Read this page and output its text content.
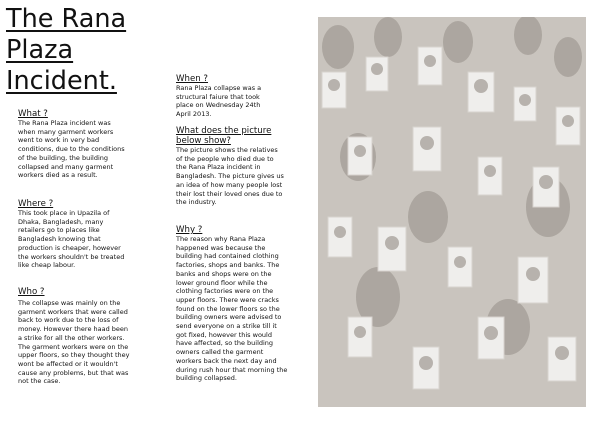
The Rana Plaza Incident.
What ?
The Rana Plaza incident was when many garment workers went to work in very bad conditions, due to the conditions of the building, the building collapsed and many garment workers died as a result.
Where ?
This took place in Upazila of Dhaka, Bangladesh, many retailers go to places like Bangladesh knowing that production is cheaper, however the workers shouldn't be treated like cheap labour.
Who ?
The collapse was mainly on the garment workers that were called back to work due to the loss of money. However there haad been a strike for all the other workers.
The garment workers were on the upper floors, so they thought they wont be affected or it wouldn't cause any problems, but that was not the case.
When ?
Rana Plaza collapse was a structural faiure that took place on Wednesday 24th April 2013.
What does the picture below show?
The picture shows the relatives of the people who died due to the Rana Plaza incident in Bangladesh. The picture gives us an idea of how many people lost their lost their loved ones due to the industry.
Why ?
The reason why Rana Plaza happened was because the building had contained clothing factories, shops and banks. The banks and shops were on the lower ground floor while the clothing factories were on the upper floors. There were cracks found on the lower floors so the building owners were advised to send everyone on a strike till it got fixed, however this would have affected, so the building owners called the garment workers back the next day and during rush hour that morning the building collapsed.
